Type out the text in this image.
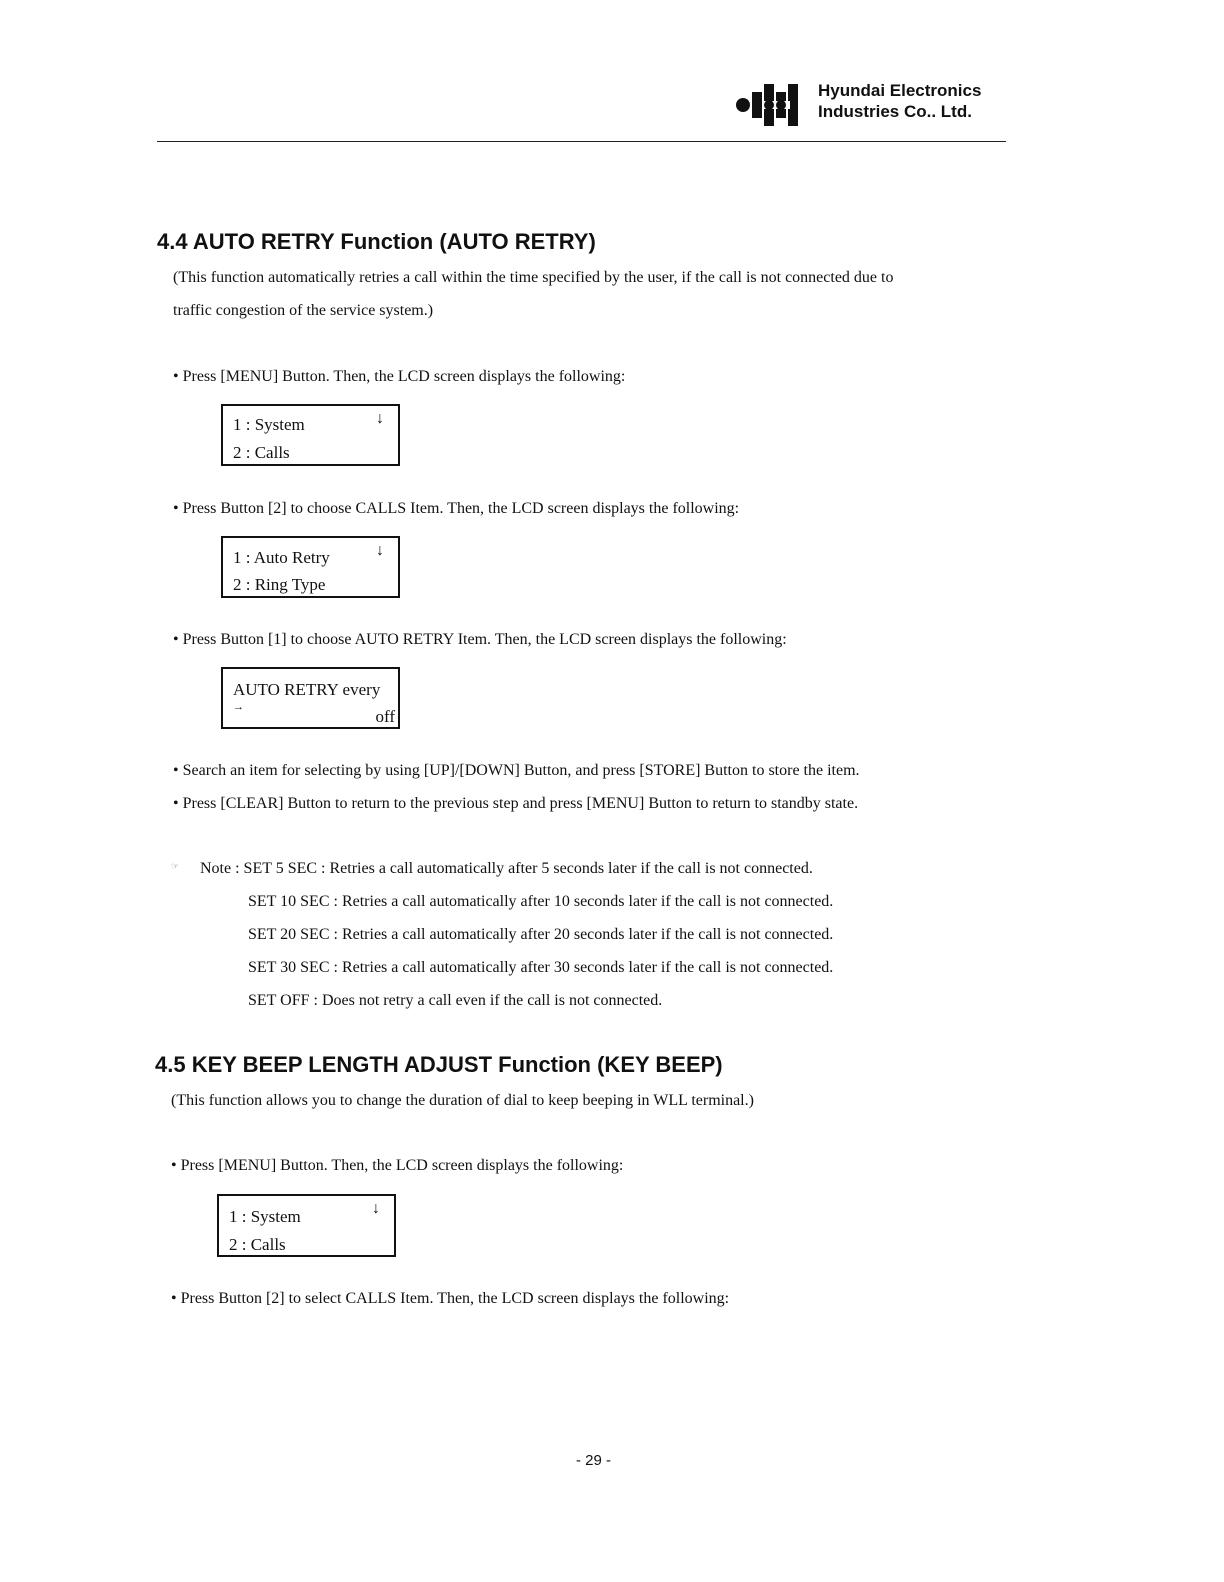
Hyundai Electronics
Industries Co.. Ltd.
4.4 AUTO RETRY Function (AUTO RETRY)
(This function automatically retries a call within the time specified by the user, if the call is not connected due to
traffic congestion of the service system.)
• Press [MENU] Button. Then, the LCD screen displays the following:
1 : System	↓
2 : Calls
• Press Button [2] to choose CALLS Item. Then, the LCD screen displays the following:
1 : Auto Retry	↓
2 : Ring Type
• Press Button [1] to choose AUTO RETRY Item. Then, the LCD screen displays the following:
AUTO RETRY every
→	off
• Search an item for selecting by using [UP]/[DOWN] Button, and press [STORE] Button to store the item.
• Press [CLEAR] Button to return to the previous step and press [MENU] Button to return to standby state.
☞ Note : SET 5 SEC : Retries a call automatically after 5 seconds later if the call is not connected.
SET 10 SEC : Retries a call automatically after 10 seconds later if the call is not connected.
SET 20 SEC : Retries a call automatically after 20 seconds later if the call is not connected.
SET 30 SEC : Retries a call automatically after 30 seconds later if the call is not connected.
SET OFF : Does not retry a call even if the call is not connected.
4.5 KEY BEEP LENGTH ADJUST Function (KEY BEEP)
(This function allows you to change the duration of dial to keep beeping in WLL terminal.)
• Press [MENU] Button. Then, the LCD screen displays the following:
1 : System	↓
2 : Calls
• Press Button [2] to select CALLS Item. Then, the LCD screen displays the following:
- 29 -
